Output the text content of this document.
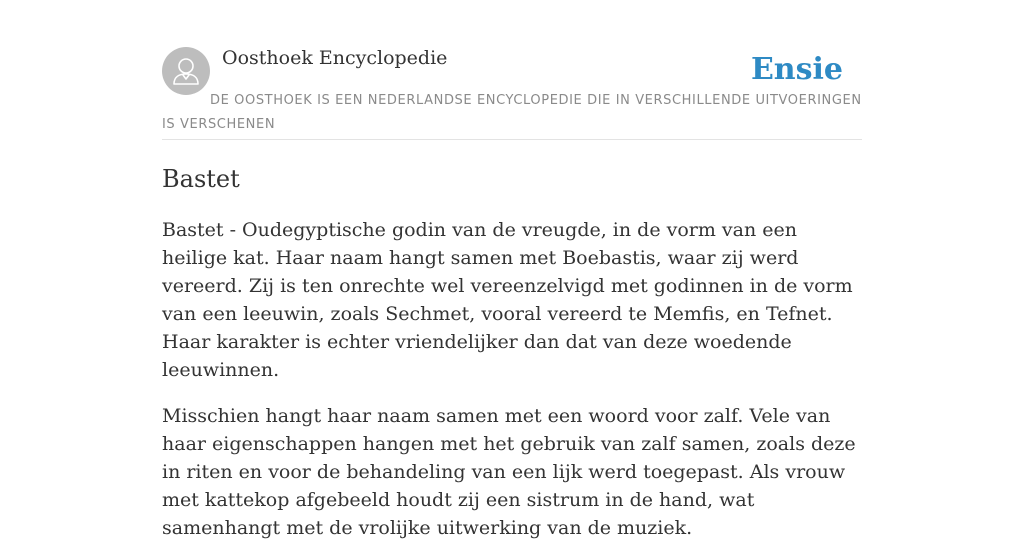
Oosthoek Encyclopedie	Ensie
DE OOSTHOEK IS EEN NEDERLANDSE ENCYCLOPEDIE DIE IN VERSCHILLENDE UITVOERINGEN IS VERSCHENEN
Bastet

Bastet - Oudegyptische godin van de vreugde, in de vorm van een heilige kat. Haar naam hangt samen met Boebastis, waar zij werd vereerd. Zij is ten onrechte wel vereenzelvigd met godinnen in de vorm van een leeuwin, zoals Sechmet, vooral vereerd te Memfis, en Tefnet. Haar karakter is echter vriendelijker dan dat van deze woedende leeuwinnen.

Misschien hangt haar naam samen met een woord voor zalf. Vele van haar eigenschappen hangen met het gebruik van zalf samen, zoals deze in riten en voor de behandeling van een lijk werd toegepast. Als vrouw met kattekop afgebeeld houdt zij een sistrum in de hand, wat samenhangt met de vrolijke uitwerking van de muziek.
